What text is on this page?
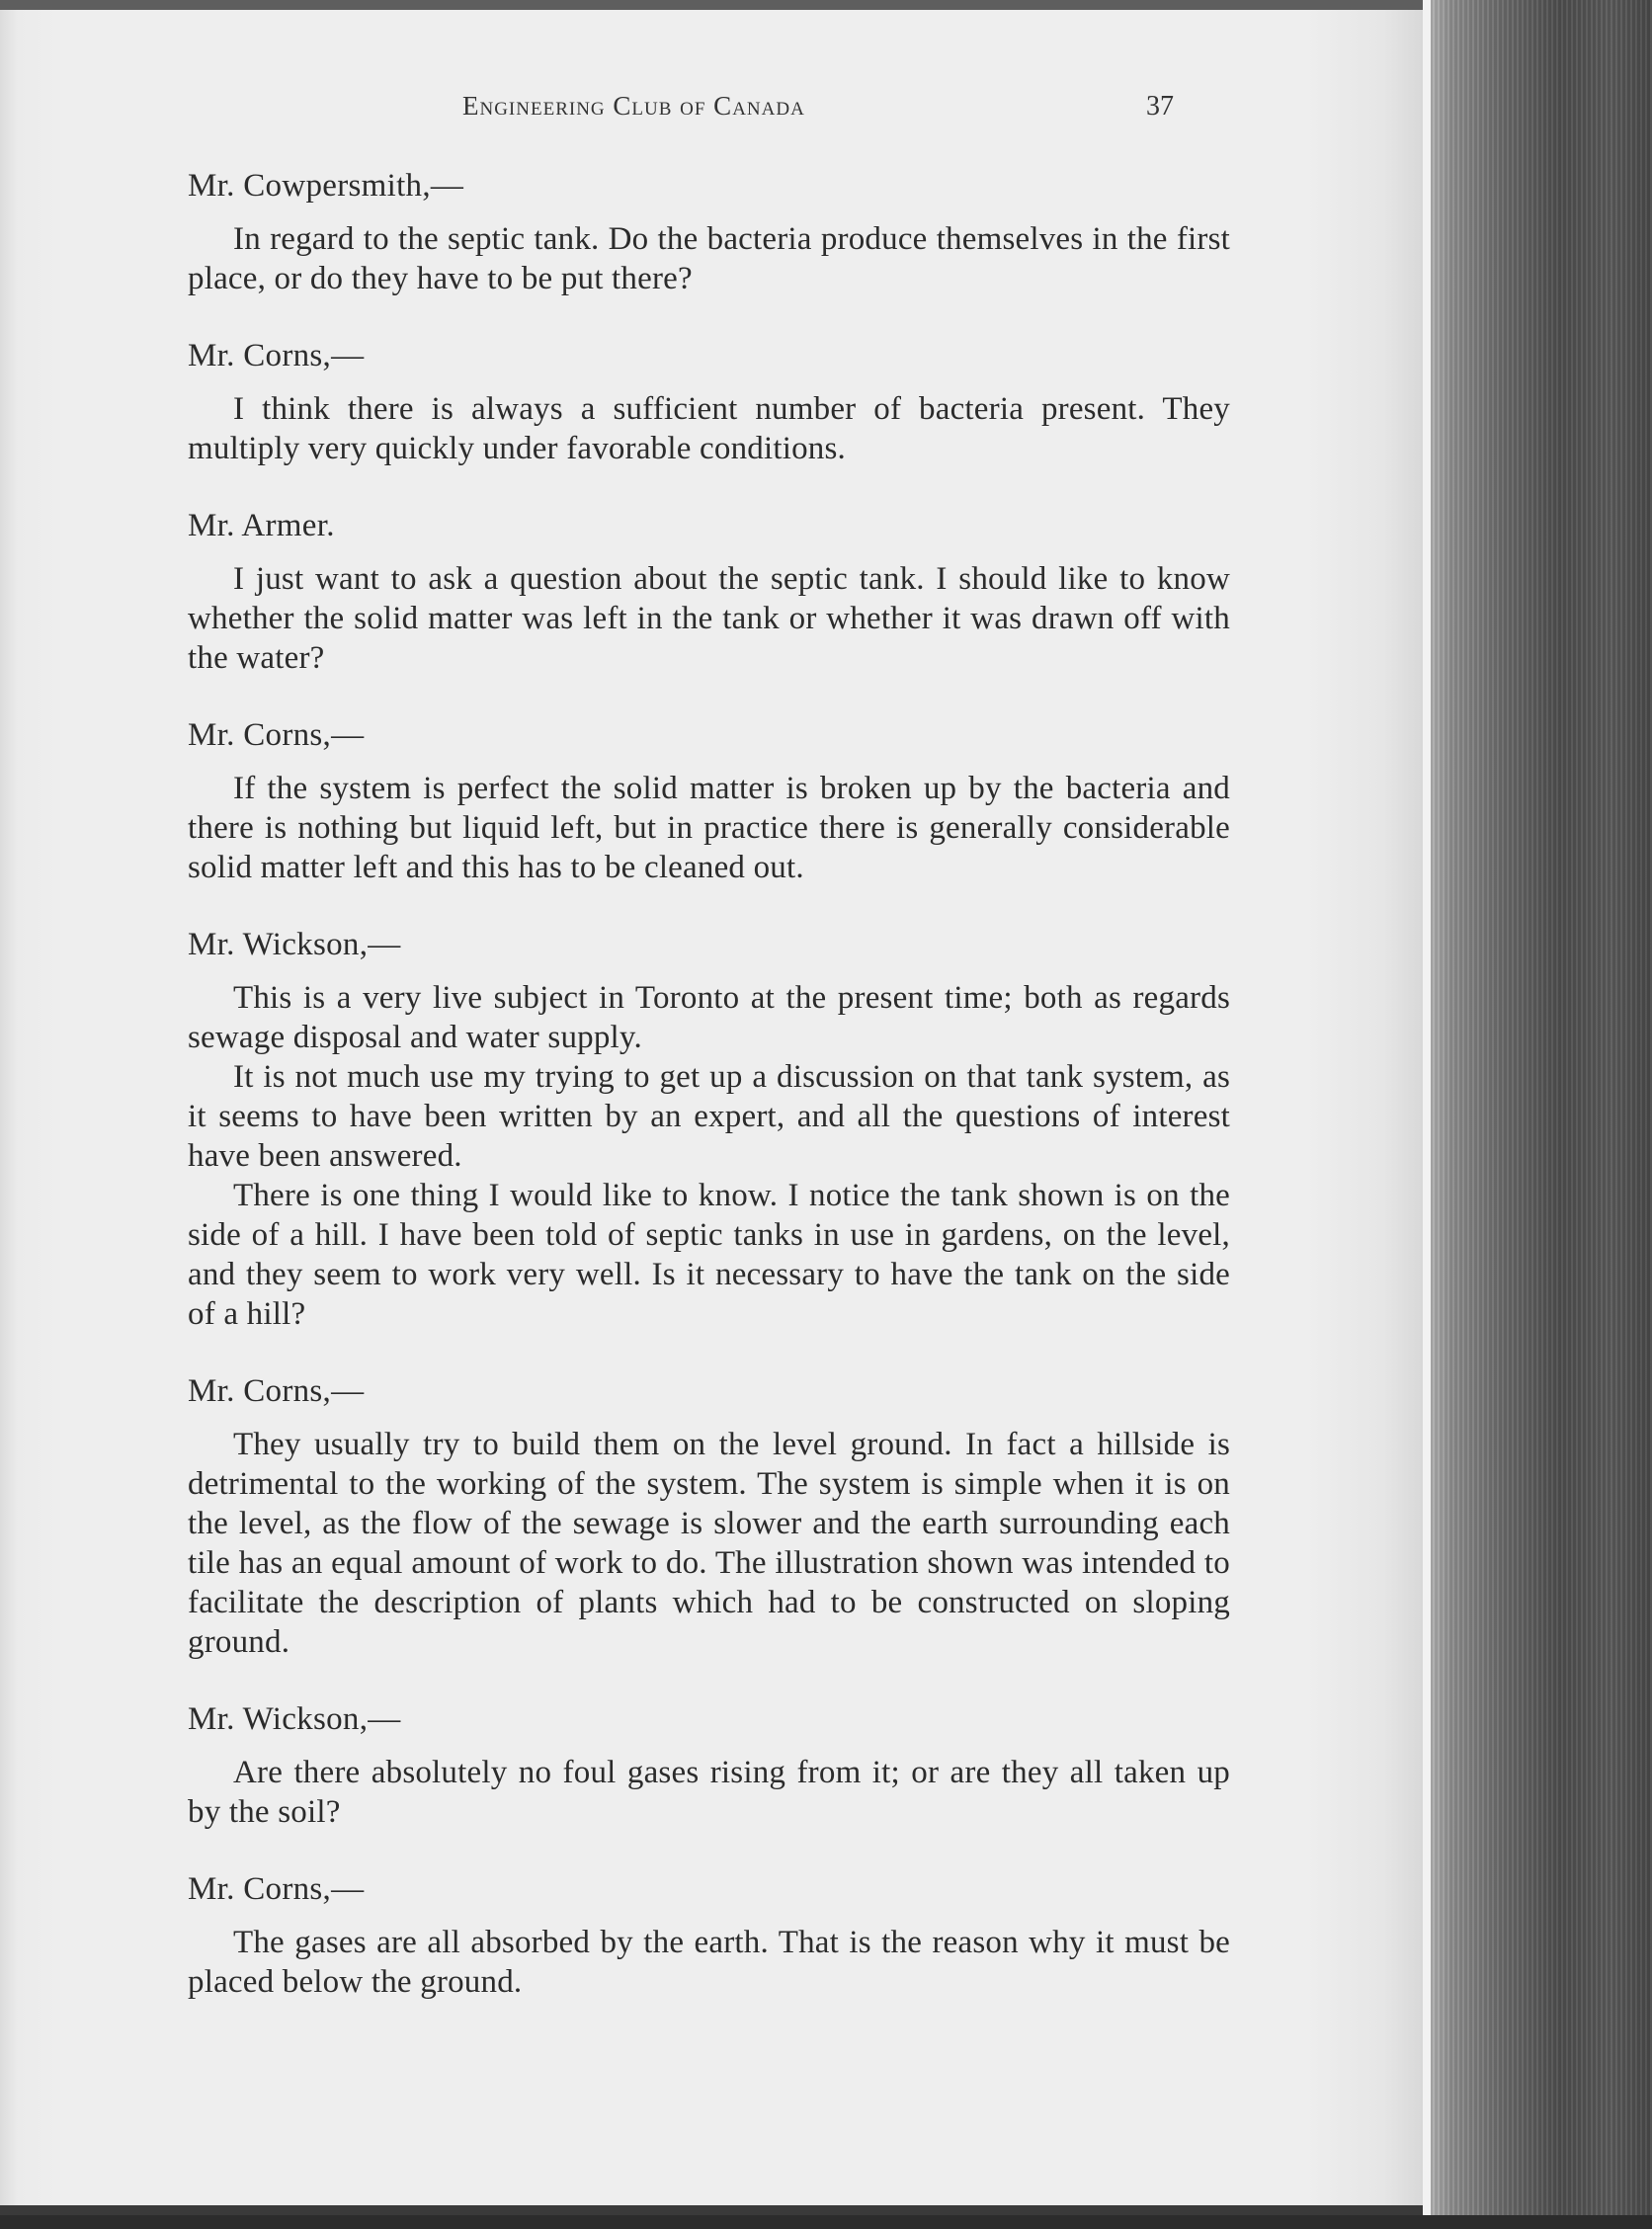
Engineering Club of Canada	37

Mr. Cowpersmith,—

In regard to the septic tank. Do the bacteria produce themselves in the first place, or do they have to be put there?

Mr. Corns,—

I think there is always a sufficient number of bacteria present. They multiply very quickly under favorable conditions.

Mr. Armer.

I just want to ask a question about the septic tank. I should like to know whether the solid matter was left in the tank or whether it was drawn off with the water?

Mr. Corns,—

If the system is perfect the solid matter is broken up by the bacteria and there is nothing but liquid left, but in practice there is generally considerable solid matter left and this has to be cleaned out.

Mr. Wickson,—

This is a very live subject in Toronto at the present time; both as regards sewage disposal and water supply.

It is not much use my trying to get up a discussion on that tank system, as it seems to have been written by an expert, and all the questions of interest have been answered.

There is one thing I would like to know. I notice the tank shown is on the side of a hill. I have been told of septic tanks in use in gardens, on the level, and they seem to work very well. Is it necessary to have the tank on the side of a hill?

Mr. Corns,—

They usually try to build them on the level ground. In fact a hillside is detrimental to the working of the system. The system is simple when it is on the level, as the flow of the sewage is slower and the earth surrounding each tile has an equal amount of work to do. The illustration shown was intended to facilitate the description of plants which had to be constructed on sloping ground.

Mr. Wickson,—

Are there absolutely no foul gases rising from it; or are they all taken up by the soil?

Mr. Corns,—

The gases are all absorbed by the earth. That is the reason why it must be placed below the ground.
